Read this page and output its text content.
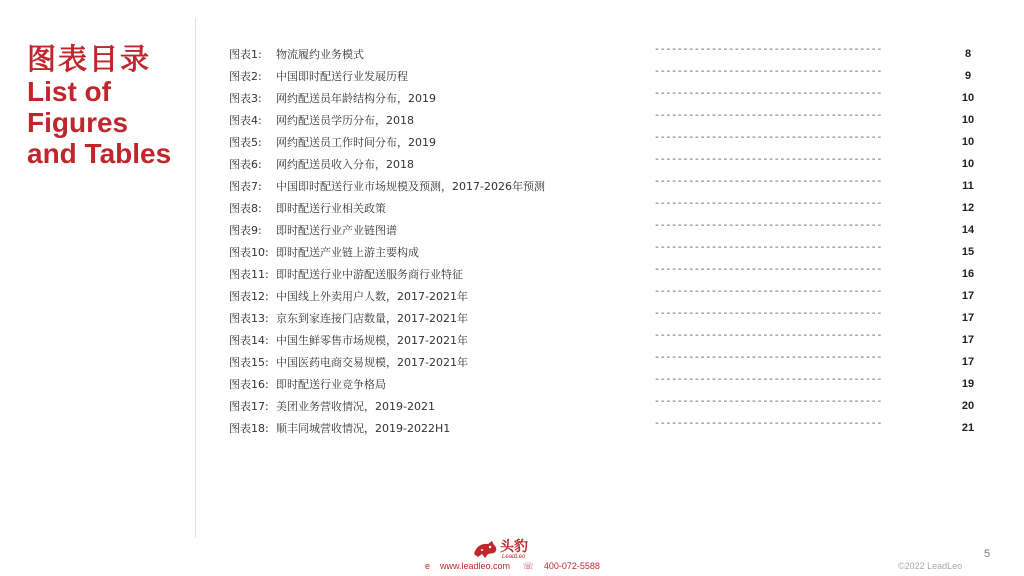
图表目录
List of
Figures
and Tables
图表1: 物流履约业务模式	----------------------------------------	8
图表2: 中国即时配送行业发展历程	----------------------------------------	9
图表3: 网约配送员年龄结构分布，2019	----------------------------------------	10
图表4: 网约配送员学历分布，2018	----------------------------------------	10
图表5: 网约配送员工作时间分布，2019	----------------------------------------	10
图表6: 网约配送员收入分布，2018	----------------------------------------	10
图表7: 中国即时配送行业市场规模及预测，2017-2026年预测	----------------------------------------	11
图表8: 即时配送行业相关政策	----------------------------------------	12
图表9: 即时配送行业产业链图谱	----------------------------------------	14
图表10: 即时配送产业链上游主要构成	----------------------------------------	15
图表11: 即时配送行业中游配送服务商行业特征	----------------------------------------	16
图表12: 中国线上外卖用户人数，2017-2021年	----------------------------------------	17
图表13: 京东到家连接门店数量，2017-2021年	----------------------------------------	17
图表14: 中国生鲜零售市场规模，2017-2021年	----------------------------------------	17
图表15: 中国医药电商交易规模，2017-2021年	----------------------------------------	17
图表16: 即时配送行业竞争格局	----------------------------------------	19
图表17: 美团业务营收情况，2019-2021	----------------------------------------	20
图表18: 顺丰同城营收情况，2019-2022H1	----------------------------------------	21
5
头豹
LeadLeo
e www.leadleo.com ☏ 400-072-5588	©2022 LeadLeo
